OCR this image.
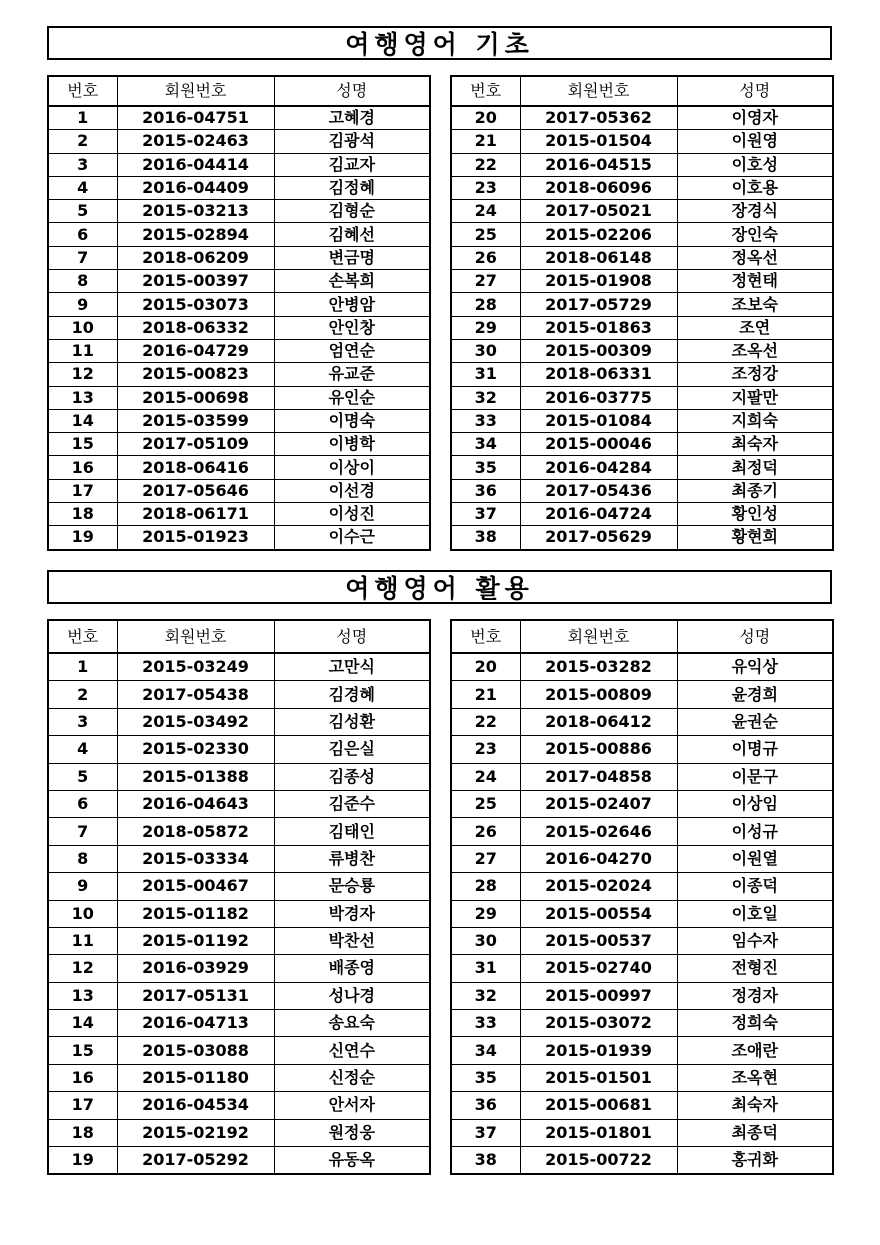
여행영어 기초
번호	회원번호	성명
1	2016-04751	고혜경
2	2015-02463	김광석
3	2016-04414	김교자
4	2016-04409	김정혜
5	2015-03213	김형순
6	2015-02894	김혜선
7	2018-06209	변금명
8	2015-00397	손복희
9	2015-03073	안병암
10	2018-06332	안인창
11	2016-04729	엄연순
12	2015-00823	유교준
13	2015-00698	유인순
14	2015-03599	이명숙
15	2017-05109	이병학
16	2018-06416	이상이
17	2017-05646	이선경
18	2018-06171	이성진
19	2015-01923	이수근
번호	회원번호	성명
20	2017-05362	이영자
21	2015-01504	이원영
22	2016-04515	이호성
23	2018-06096	이호용
24	2017-05021	장경식
25	2015-02206	장인숙
26	2018-06148	정옥선
27	2015-01908	정현태
28	2017-05729	조보숙
29	2015-01863	조연
30	2015-00309	조옥선
31	2018-06331	조정강
32	2016-03775	지팔만
33	2015-01084	지희숙
34	2015-00046	최숙자
35	2016-04284	최정덕
36	2017-05436	최종기
37	2016-04724	황인성
38	2017-05629	황현희
여행영어 활용
번호	회원번호	성명
1	2015-03249	고만식
2	2017-05438	김경혜
3	2015-03492	김성환
4	2015-02330	김은실
5	2015-01388	김종성
6	2016-04643	김준수
7	2018-05872	김태인
8	2015-03334	류병찬
9	2015-00467	문승룡
10	2015-01182	박경자
11	2015-01192	박찬선
12	2016-03929	배종영
13	2017-05131	성나경
14	2016-04713	송요숙
15	2015-03088	신연수
16	2015-01180	신정순
17	2016-04534	안서자
18	2015-02192	원정웅
19	2017-05292	유동옥
번호	회원번호	성명
20	2015-03282	유익상
21	2015-00809	윤경희
22	2018-06412	윤권순
23	2015-00886	이명규
24	2017-04858	이문구
25	2015-02407	이상임
26	2015-02646	이성규
27	2016-04270	이원열
28	2015-02024	이종덕
29	2015-00554	이호일
30	2015-00537	임수자
31	2015-02740	전형진
32	2015-00997	정경자
33	2015-03072	정희숙
34	2015-01939	조애란
35	2015-01501	조옥현
36	2015-00681	최숙자
37	2015-01801	최종덕
38	2015-00722	홍귀화
